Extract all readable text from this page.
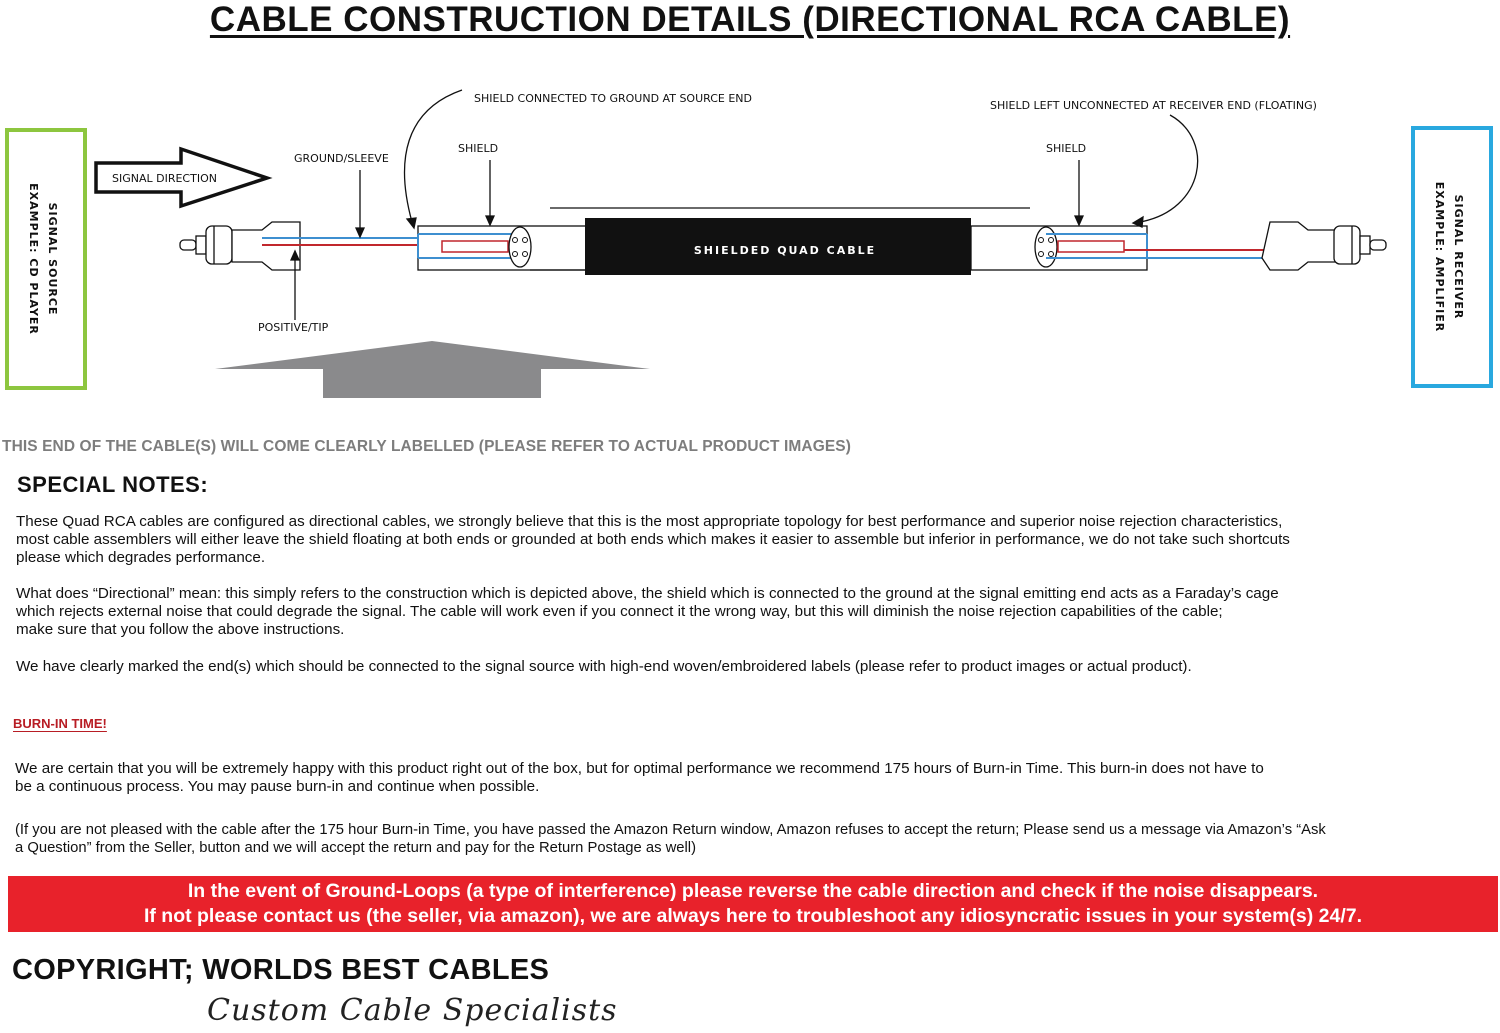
CABLE CONSTRUCTION DETAILS (DIRECTIONAL RCA CABLE)
SIGNAL SOURCE
EXAMPLE: CD PLAYER	SIGNAL RECEIVER
EXAMPLE: AMPLIFIER
SIGNAL DIRECTION
SHIELDED QUAD CABLE
GROUND/SLEEVE
POSITIVE/TIP
SHIELD	SHIELD
SHIELD CONNECTED TO GROUND AT SOURCE END
SHIELD LEFT UNCONNECTED AT RECEIVER END (FLOATING)
THIS END OF THE CABLE(S) WILL COME CLEARLY LABELLED (PLEASE REFER TO ACTUAL PRODUCT IMAGES)
SPECIAL NOTES:
These Quad RCA cables are configured as directional cables, we strongly believe that this is the most appropriate topology for best performance and superior noise rejection characteristics,
most cable assemblers will either leave the shield floating at both ends or grounded at both ends which makes it easier to assemble but inferior in performance, we do not take such shortcuts
please which degrades performance.
What does “Directional” mean: this simply refers to the construction which is depicted above, the shield which is connected to the ground at the signal emitting end acts as a Faraday’s cage
which rejects external noise that could degrade the signal. The cable will work even if you connect it the wrong way, but this will diminish the noise rejection capabilities of the cable;
make sure that you follow the above instructions.
We have clearly marked the end(s) which should be connected to the signal source with high-end woven/embroidered labels (please refer to product images or actual product).
BURN-IN TIME!
We are certain that you will be extremely happy with this product right out of the box, but for optimal performance we recommend 175 hours of Burn-in Time. This burn-in does not have to
be a continuous process. You may pause burn-in and continue when possible.
(If you are not pleased with the cable after the 175 hour Burn-in Time, you have passed the Amazon Return window, Amazon refuses to accept the return; Please send us a message via Amazon’s “Ask
a Question” from the Seller, button and we will accept the return and pay for the Return Postage as well)
In the event of Ground-Loops (a type of interference) please reverse the cable direction and check if the noise disappears.
If not please contact us (the seller, via amazon), we are always here to troubleshoot any idiosyncratic issues in your system(s) 24/7.
COPYRIGHT; WORLDS BEST CABLES
Custom Cable Specialists
